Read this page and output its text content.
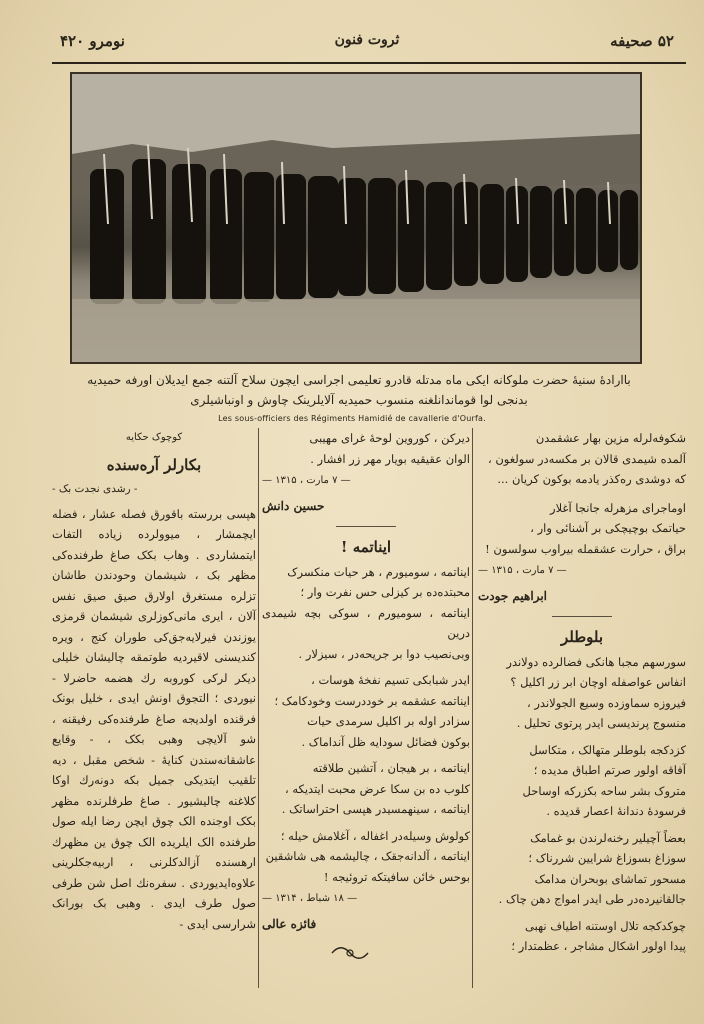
۵۲ صحیفه
ثروت فنون
نومرو ۴۲۰
باارادهٔ سنیهٔ حضرت ملوکانه ایکی ماه مدتله قادرو تعلیمی اجراسی ایچون سلاح آلتنه جمع ایدیلان اورفه حمیدیه بدنجی لوا قوماندانلغنه منسوب حمیدیه آلایلرینک چاوش و اونباشیلری
Les sous-officiers des Régiments Hamidié de cavallerie d'Ourfa.

شکوفه‌لرله مزین بهار عشقمدن

آلمده شیمدی قالان بر مکسه‌در سولغون ،

که دوشدی ره‌کذر یادمه بوکون کریان ...

اوماجرای مزهرله جانجا آغلار

حیاتمک بوچیچکی بر آشنائی وار ،

براق ، حرارت عشقمله بیراوب سولسون !

— ۷ مارت ، ۱۳۱۵ —

ابراهیم جودت

بلوطلر

سورسهم مجبا هانکی فضالرده دولاندر

انفاس عواصفله اوچان ابر زر اکلیل ؟

فیروزه سماوزده وسیع الجولاندر ،

منسوج پرندیسی ایدر پرتوی تحلیل .

کزدکجه بلوطلر متهالک ، متکاسل

آفاقه اولور صرتم اطباق مدیده ؛

متروک بشر ساحه بکزرکه اوساحل

فرسودهٔ دندانهٔ اعصار قدیده .

بعضاً آچیلیر رخنه‌لرندن بو غمامک

سوزاغ بسوزاغ شرایین شررناک ؛

مسحور تماشای بوبحران مدامک

جالقانیرده‌در طی ایدر امواج دهن چاک .

چوکدکجه تلال اوستنه اطیاف نهبی

پیدا اولور اشکال مشاجر ، عظمتدار ؛

دیرکن ، کوروین لوحهٔ غرای مهیبی

الوان عقیقیه بویار مهر زر افشار .

— ۷ مارت ، ۱۳۱۵ —

حسین دانش

ایناتمه !

ایناتمه ، سومیورم ، هر حیات منکسرک

محبتده‌ده بر کیزلی حس نفرت وار ؛

ایناتمه ، سومیورم ، سوکی بچه شیمدی درین

وبی‌نصیب دوا بر جریحه‌در ، سیزلار .

ایدر شبابکی تسیم نفخهٔ هوسات ،

ایناتمه عشقمه بر خوددرست وخودکامک ؛

سزادر اوله بر اکلیل سرمدی حیات

بوکون فضائل سودایه ظل آنداماک .

ایناتمه ، بر هیجان ، آتشین طلاقته

کلوب ده بن سکا عرض محبت ایتدیکه ،

ایناتمه ، سینهمسیدر هپسی احتراساتک .

کولوش وسیله‌در اغفاله ، آغلامش حیله ؛

ایناتمه ، آلدانه‌جقک ، چالیشمه هی شاشقین

بوحس خائن سافیتکه تروئیجه !

— ۱۸ شباط ، ۱۳۱۴ —

فائزه عالی

کوچوک حکایه

بکارلر آره‌سنده

- رشدی نجدت بک -

هپسی بررسته باقورق فصله عشار ، فضله ایچمشار ، میوولرده زیاده التفات ایتمشاردی . وهاب بکک صاغ طرفنده‌کی مظهر بک ، شیشمان وحودندن طاشان تزلره مستغرق اولارق صیق صیق نفس آلان ، ایری مانی‌کوزلری شیشمان قرمزی یوزندن فیرلایه‌جق‌کی طوران کنج ، ویره کندیسنی لاقیردیه طوتمقه چالیشان خلیلی دیکر لرکی کوروبه رك هضمه حاضرلا - نیوردی ؛ التجوق اونش ایدی ، خلیل بونک فرقنده اولدیجه صاغ طرفنده‌کی رفیقنه ، شو آلایچی وهبی بکک ، - وقایع عاشقانه‌سندن کنایهٔ - شخص مقبل ، دیه تلقیب ایتدیکی جمیل بکه دونه‌رك اوکا کلاغنه چالیشیور . صاغ طرفلرنده مظهر بکک اوجنده الک چوق ایچن رضا ایله صول طرفنده الک ایلریده الک چوق ین مظهرك ارهسنده آزالدکلرنی ، اربیه‌جکلرینی علاوه‌ایدیوردی . سفره‌نك اصل شن طرفی صول طرف ایدی . وهبی بک بورانک شرارسی ایدی -
